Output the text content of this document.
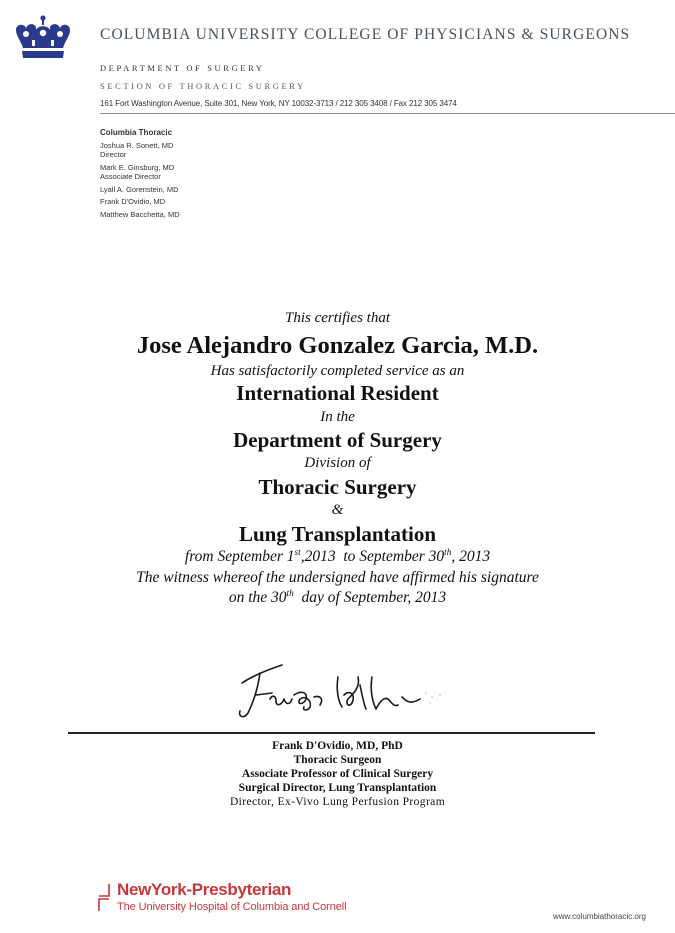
COLUMBIA UNIVERSITY COLLEGE OF PHYSICIANS & SURGEONS
DEPARTMENT OF SURGERY
SECTION OF THORACIC SURGERY
161 Fort Washington Avenue, Suite 301, New York, NY 10032-3713 / 212 305 3408 / Fax 212 305 3474
Columbia Thoracic
Joshua R. Sonett, MD
Director
Mark E. Ginsburg, MD
Associate Director
Lyall A. Gorenstein, MD
Frank D'Ovidio, MD
Matthew Bacchetta, MD
This certifies that
Jose Alejandro Gonzalez Garcia, M.D.
Has satisfactorily completed service as an
International Resident
In the
Department of Surgery
Division of
Thoracic Surgery
&
Lung Transplantation
from September 1st,2013 to September 30th, 2013
The witness whereof the undersigned have affirmed his signature
on the 30th day of September, 2013
Frank D'Ovidio, MD, PhD
Thoracic Surgeon
Associate Professor of Clinical Surgery
Surgical Director, Lung Transplantation
Director, Ex-Vivo Lung Perfusion Program
NewYork-Presbyterian
The University Hospital of Columbia and Cornell
www.columbiathoracic.org
